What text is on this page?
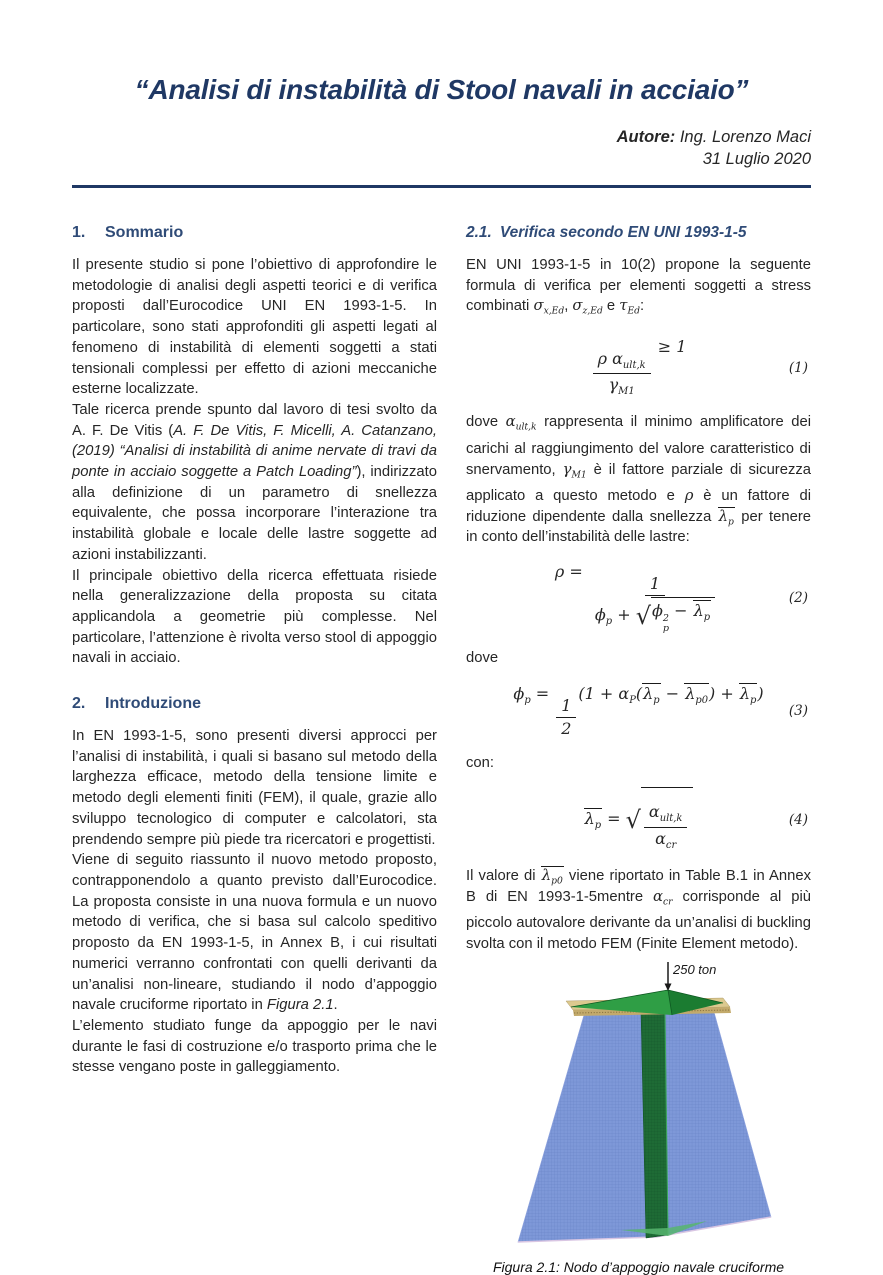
“Analisi di instabilità di Stool navali in acciaio”
Autore: Ing. Lorenzo Maci
31 Luglio 2020
1.	Sommario

Il presente studio si pone l’obiettivo di approfondire le metodologie di analisi degli aspetti teorici e di verifica proposti dall’Eurocodice UNI EN 1993-1-5. In particolare, sono stati approfonditi gli aspetti legati al fenomeno di instabilità di elementi soggetti a stati tensionali complessi per effetto di azioni meccaniche esterne localizzate.

Tale ricerca prende spunto dal lavoro di tesi svolto da A. F. De Vitis (A. F. De Vitis, F. Micelli, A. Catanzano, (2019) “Analisi di instabilità di anime nervate di travi da ponte in acciaio soggette a Patch Loading”), indirizzato alla definizione di un parametro di snellezza equivalente, che possa incorporare l’interazione tra instabilità globale e locale delle lastre soggette ad azioni instabilizzanti.

Il principale obiettivo della ricerca effettuata risiede nella generalizzazione della proposta su citata applicandola a geometrie più complesse. Nel particolare, l’attenzione è rivolta verso stool di appoggio navali in acciaio.

2.	Introduzione

In EN 1993-1-5, sono presenti diversi approcci per l’analisi di instabilità, i quali si basano sul metodo della larghezza efficace, metodo della tensione limite e metodo degli elementi finiti (FEM), il quale, grazie allo sviluppo tecnologico di computer e calcolatori, sta prendendo sempre più piede tra ricercatori e progettisti.

Viene di seguito riassunto il nuovo metodo proposto, contrapponendolo a quanto previsto dall’Eurocodice. La proposta consiste in una nuova formula e un nuovo metodo di verifica, che si basa sul calcolo speditivo proposto da EN 1993-1-5, in Annex B, i cui risultati numerici verranno confrontati con quelli derivanti da un’analisi non-lineare, studiando il nodo d’appoggio navale cruciforme riportato in Figura 2.1.

L’elemento studiato funge da appoggio per le navi durante le fasi di costruzione e/o trasporto prima che le stesse vengano poste in galleggiamento.

2.1. Verifica secondo EN UNI 1993-1-5

EN UNI 1993-1-5 in 10(2) propone la seguente formula di verifica per elementi soggetti a stress combinati $\sigma_{x,Ed}$, $\sigma_{z,Ed}$ e $\tau_{Ed}$:

$\frac{\rho \alpha_{ult,k}}{\gamma_{M1}}$
≥ 1
(1)

dove $\alpha_{ult,k}$ rappresenta il minimo amplificatore dei carichi al raggiungimento del valore caratteristico di snervamento, $\gamma_{M1}$ è il fattore parziale di sicurezza applicato a questo metodo e ρ è un fattore di riduzione dipendente dalla snellezza $\lambda_p$ per tenere in conto dell’instabilità delle lastre:

ρ =
1
$\phi_p$ + √ ϕ 2
p
− $\lambda_p$	(2)

dove

$\phi_p$ =
$\frac{1}{2}$
$(1 + \alpha_P(\lambda_p - \lambda_{p0}) + \lambda_p)$
(3)

con:

$\lambda_p$ = √ $\frac{\alpha_{ult,k}}{\alpha_{cr}}$	(4)

Il valore di $\lambda_{p0}$ viene riportato in Table B.1 in Annex B di EN 1993-1-5mentre $\alpha_{cr}$ corrisponde al più piccolo autovalore derivante da un’analisi di buckling svolta con il metodo FEM (Finite Element metodo).

250 ton
Figura 2.1: Nodo d’appoggio navale cruciforme
